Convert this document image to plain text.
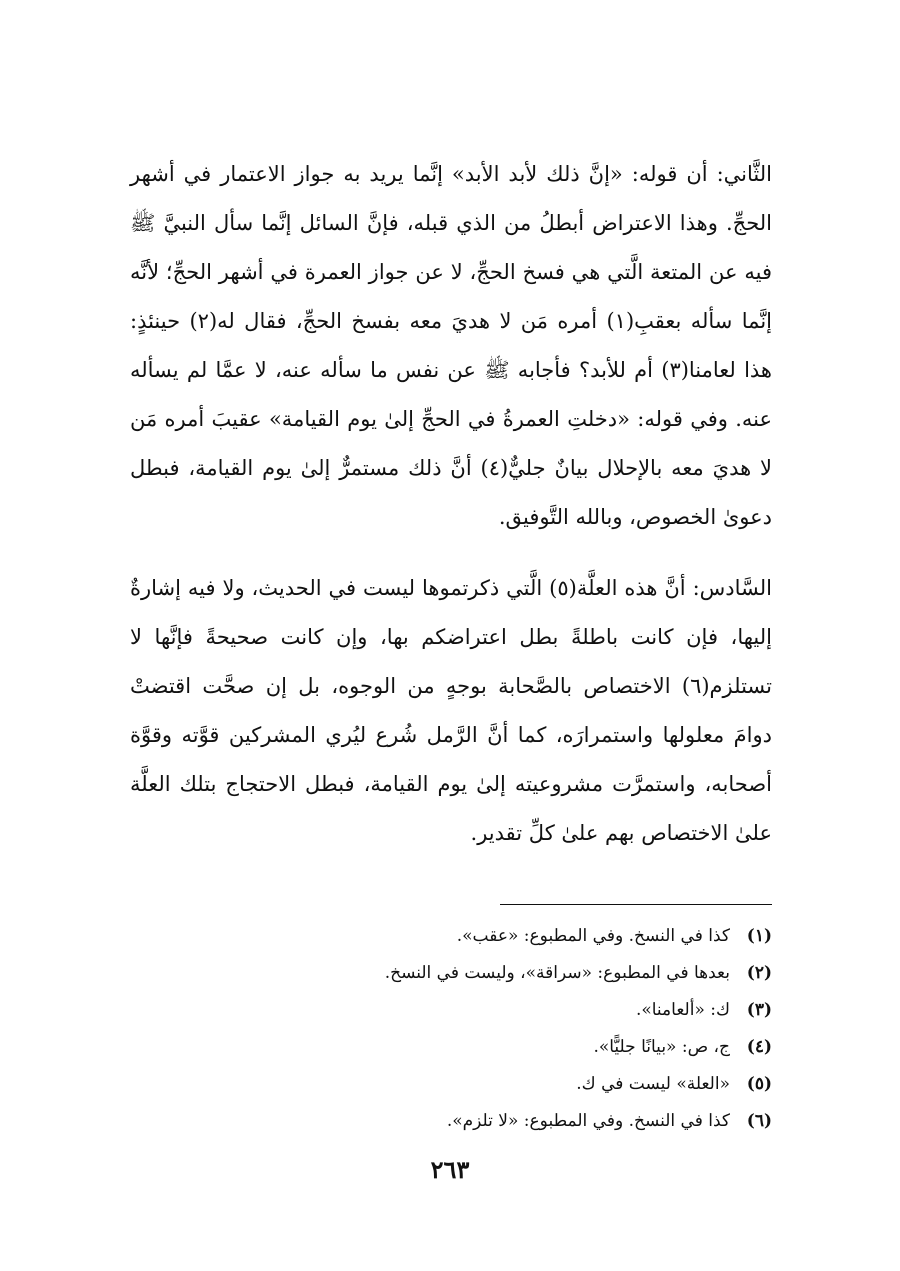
الثَّاني: أن قوله: «إنَّ ذلك لأبد الأبد» إنَّما يريد به جواز الاعتمار في أشهر الحجِّ. وهذا الاعتراض أبطلُ من الذي قبله، فإنَّ السائل إنَّما سأل النبيَّ ﷺ فيه عن المتعة الَّتي هي فسخ الحجِّ، لا عن جواز العمرة في أشهر الحجِّ؛ لأنَّه إنَّما سأله بعقبِ(١) أمره مَن لا هديَ معه بفسخ الحجِّ، فقال له(٢) حينئذٍ: هذا لعامنا(٣) أم للأبد؟ فأجابه ﷺ عن نفس ما سأله عنه، لا عمَّا لم يسأله عنه. وفي قوله: «دخلتِ العمرةُ في الحجِّ إلىٰ يوم القيامة» عقيبَ أمره مَن لا هديَ معه بالإحلال بيانٌ جليٌّ(٤) أنَّ ذلك مستمرٌّ إلىٰ يوم القيامة، فبطل دعوىٰ الخصوص، وبالله التَّوفيق.

السَّادس: أنَّ هذه العلَّة(٥) الَّتي ذكرتموها ليست في الحديث، ولا فيه إشارةٌ إليها، فإن كانت باطلةً بطل اعتراضكم بها، وإن كانت صحيحةً فإنَّها لا تستلزم(٦) الاختصاص بالصَّحابة بوجهٍ من الوجوه، بل إن صحَّت اقتضتْ دوامَ معلولها واستمرارَه، كما أنَّ الرَّمل شُرع ليُري المشركين قوَّته وقوَّة أصحابه، واستمرَّت مشروعيته إلىٰ يوم القيامة، فبطل الاحتجاج بتلك العلَّة علىٰ الاختصاص بهم علىٰ كلِّ تقدير.

(١)
كذا في النسخ. وفي المطبوع: «عقب».
(٢)
بعدها في المطبوع: «سراقة»، وليست في النسخ.
(٣)
ك: «ألعامنا».
(٤)
ج، ص: «بيانًا جليًّا».
(٥)
«العلة» ليست في ك.
(٦)
كذا في النسخ. وفي المطبوع: «لا تلزم».
٢٦٣
